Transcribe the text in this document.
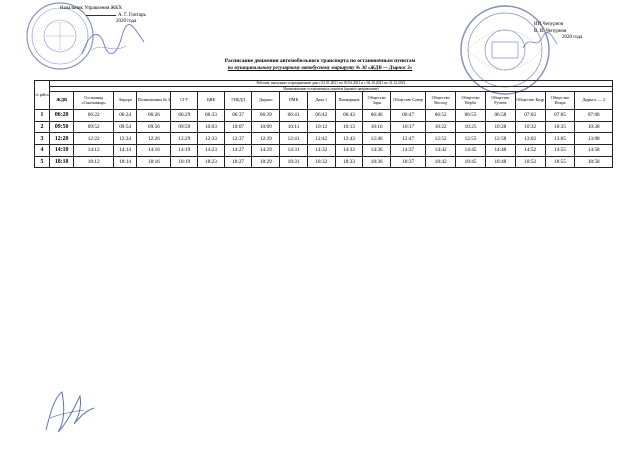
Начальник Управления ЖКХ
А. Г. Гонтарь
2020 года
ИП Чепурнов
В. В. Чепурнов
2020 года
Расписание движения автомобильного транспорта по остановочным пунктам
по муниципальному регулярному автобусному маршруту № 30 «ЖДВ — Дырнос 3»
№ рейса	Рабочие, выходные и праздничные дни с 02.01.2021 по 30.04.2021 и с 04.10.2021 по 31.12.2021																		
	Наименование остановочных пунктов (прямое направление)																		
	ЖДВ	Гостиница «Сыктывкар»	Аврора	Поликлиника № 3	СГУ	ЦВК	ГИБДД	Дырнос	ПМК	Дача 1	Пионерщик	Общество Заря	Общество Север	Общество Восход	Общество Верба	Общество Ручеек	Общество Кедр	Общество Искра	Дырнос — 3
1	06:20	06:22	06:24	06:26	06:29	06:33	06:37	06:39	06:41	06:42	06:43	06:46	06:47	06:52	06:55	06:58	07:02	07:05	07:08
2	09:50	09:52	09:54	09:56	09:59	10:03	10:07	10:09	10:11	10:12	10:13	10:16	10:17	10:22	10:25	10:28	10:32	10:35	10:38
3	12:20	12:22	12:24	12:26	12:29	12:33	12:37	12:39	12:41	12:42	12:43	12:46	12:47	12:52	12:55	12:58	13:02	13:05	13:08
4	14:10	14:12	14:14	14:16	14:19	14:23	14:27	14:29	14:31	14:32	14:33	14:36	14:37	14:42	14:45	14:48	14:52	14:55	14:58
5	18:10	18:12	18:14	18:16	18:19	18:23	18:27	18:29	18:31	18:32	18:33	18:36	18:37	18:42	18:45	18:48	18:52	18:55	18:58
